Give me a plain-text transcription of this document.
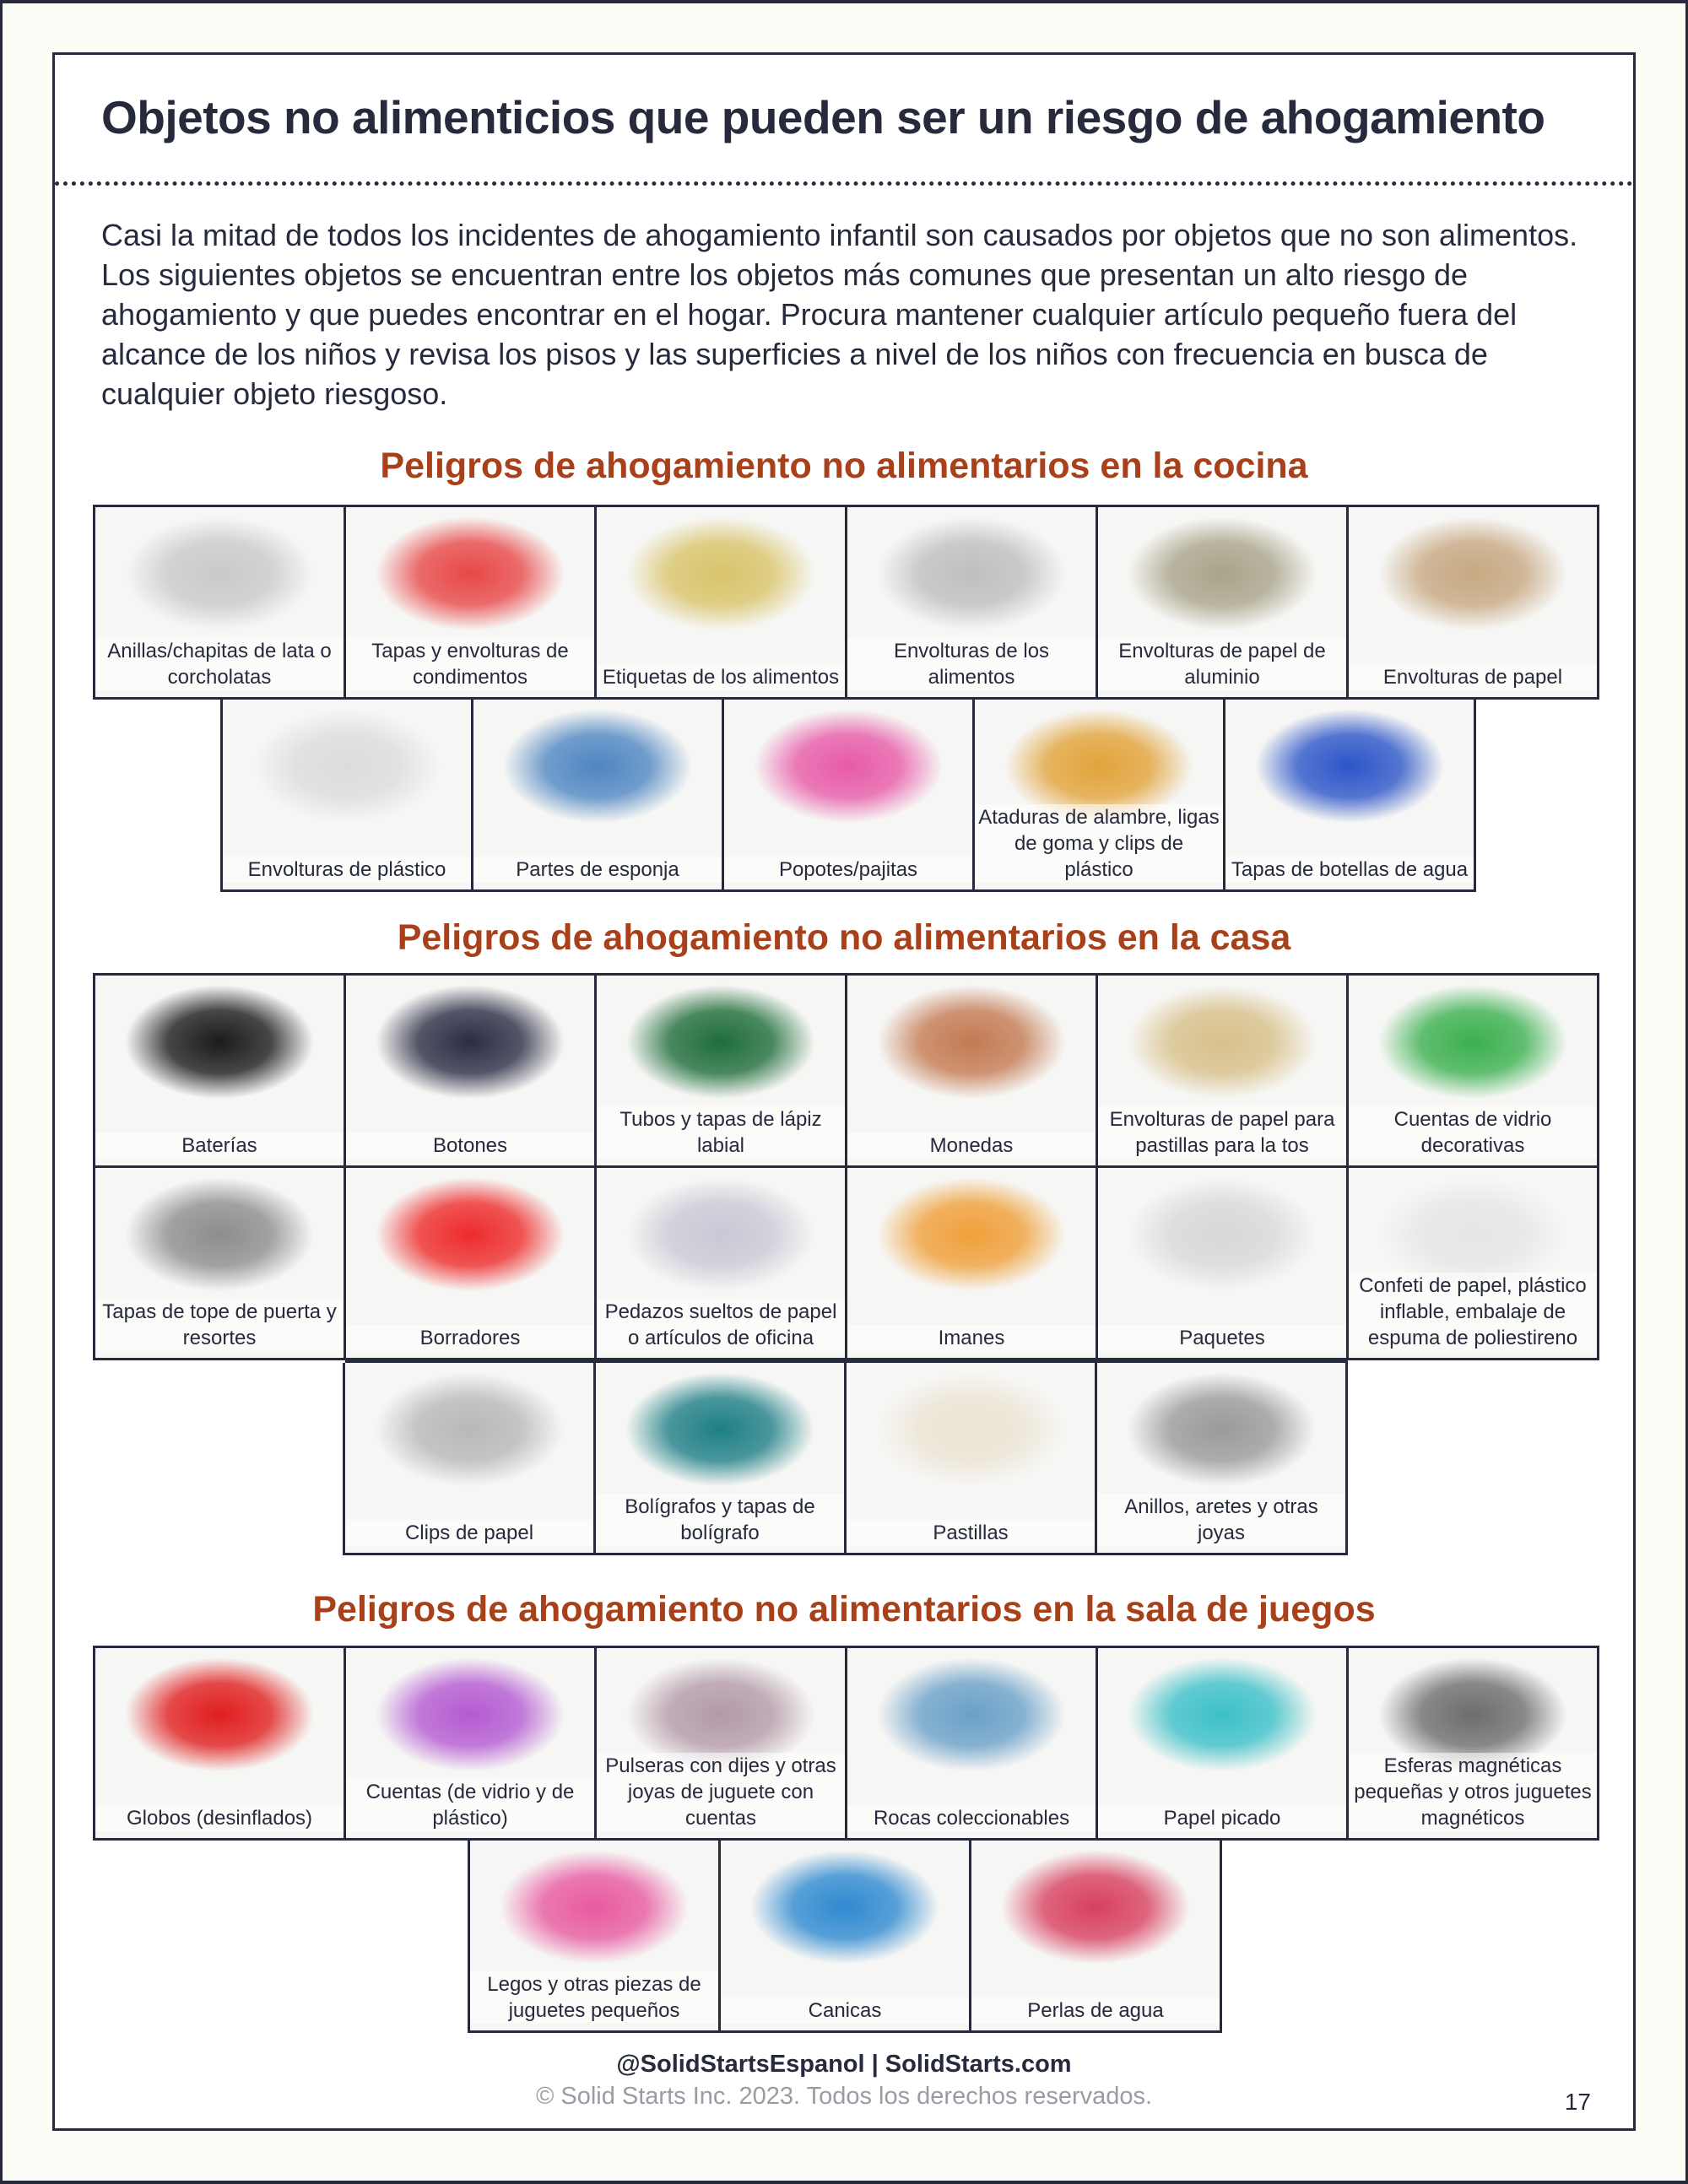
Objetos no alimenticios que pueden ser un riesgo de ahogamiento

Casi la mitad de todos los incidentes de ahogamiento infantil son causados por objetos que no son alimentos. Los siguientes objetos se encuentran entre los objetos más comunes que presentan un alto riesgo de ahogamiento y que puedes encontrar en el hogar. Procura mantener cualquier artículo pequeño fuera del alcance de los niños y revisa los pisos y las superficies a nivel de los niños con frecuencia en busca de cualquier objeto riesgoso.

Peligros de ahogamiento no alimentarios en la cocina
Anillas/chapitas de lata o corcholatas
Tapas y envolturas de condimentos	Etiquetas de los alimentos
Envolturas de los alimentos
Envolturas de papel de aluminio	Envolturas de papel
Envolturas de plástico	Partes de esponja	Popotes/pajitas
Ataduras de alambre, ligas de goma y clips de plástico	Tapas de botellas de agua
Peligros de ahogamiento no alimentarios en la casa
Baterías	Botones
Tubos y tapas de lápiz labial	Monedas
Envolturas de papel para pastillas para la tos
Cuentas de vidrio decorativas
Tapas de tope de puerta y resortes	Borradores
Pedazos sueltos de papel o artículos de oficina	Imanes	Paquetes
Confeti de papel, plástico inflable, embalaje de espuma de poliestireno
Clips de papel
Bolígrafos y tapas de bolígrafo	Pastillas
Anillos, aretes y otras joyas
Peligros de ahogamiento no alimentarios en la sala de juegos
Globos (desinflados)
Cuentas (de vidrio y de plástico)
Pulseras con dijes y otras joyas de juguete con cuentas	Rocas coleccionables	Papel picado
Esferas magnéticas pequeñas y otros juguetes magnéticos
Legos y otras piezas de juguetes pequeños	Canicas	Perlas de agua
@SolidStartsEspanol | SolidStarts.com
© Solid Starts Inc. 2023. Todos los derechos reservados.	17
